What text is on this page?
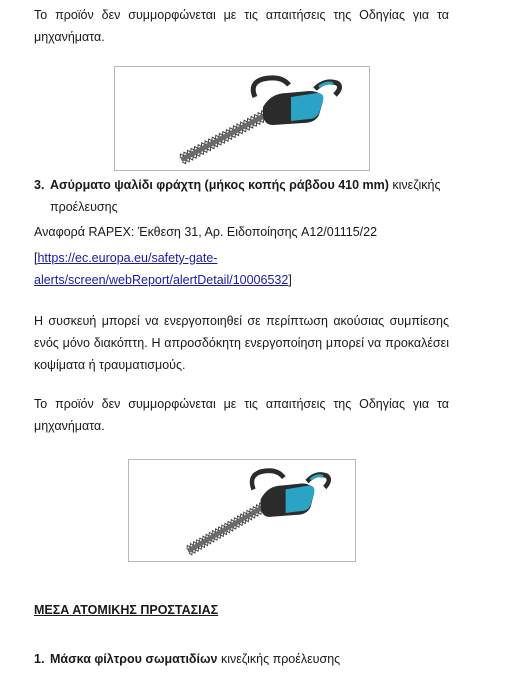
Το προϊόν δεν συμμορφώνεται με τις απαιτήσεις της Οδηγίας για τα μηχανήματα.
3. Ασύρματο ψαλίδι φράχτη (μήκος κοπής ράβδου 410 mm) κινεζικής
προέλευσης
Αναφορά RAPEX: Έκθεση 31, Αρ. Ειδοποίησης A12/01115/22
[https://ec.europa.eu/safety-gate-
alerts/screen/webReport/alertDetail/10006532]
Η συσκευή μπορεί να ενεργοποιηθεί σε περίπτωση ακούσιας συμπίεσης ενός μόνο διακόπτη. Η απροσδόκητη ενεργοποίηση μπορεί να προκαλέσει κοψίματα ή τραυματισμούς.
Το προϊόν δεν συμμορφώνεται με τις απαιτήσεις της Οδηγίας για τα μηχανήματα.
ΜΕΣΑ ΑΤΟΜΙΚΗΣ ΠΡΟΣΤΑΣΙΑΣ
1. Μάσκα φίλτρου σωματιδίων κινεζικής προέλευσης
